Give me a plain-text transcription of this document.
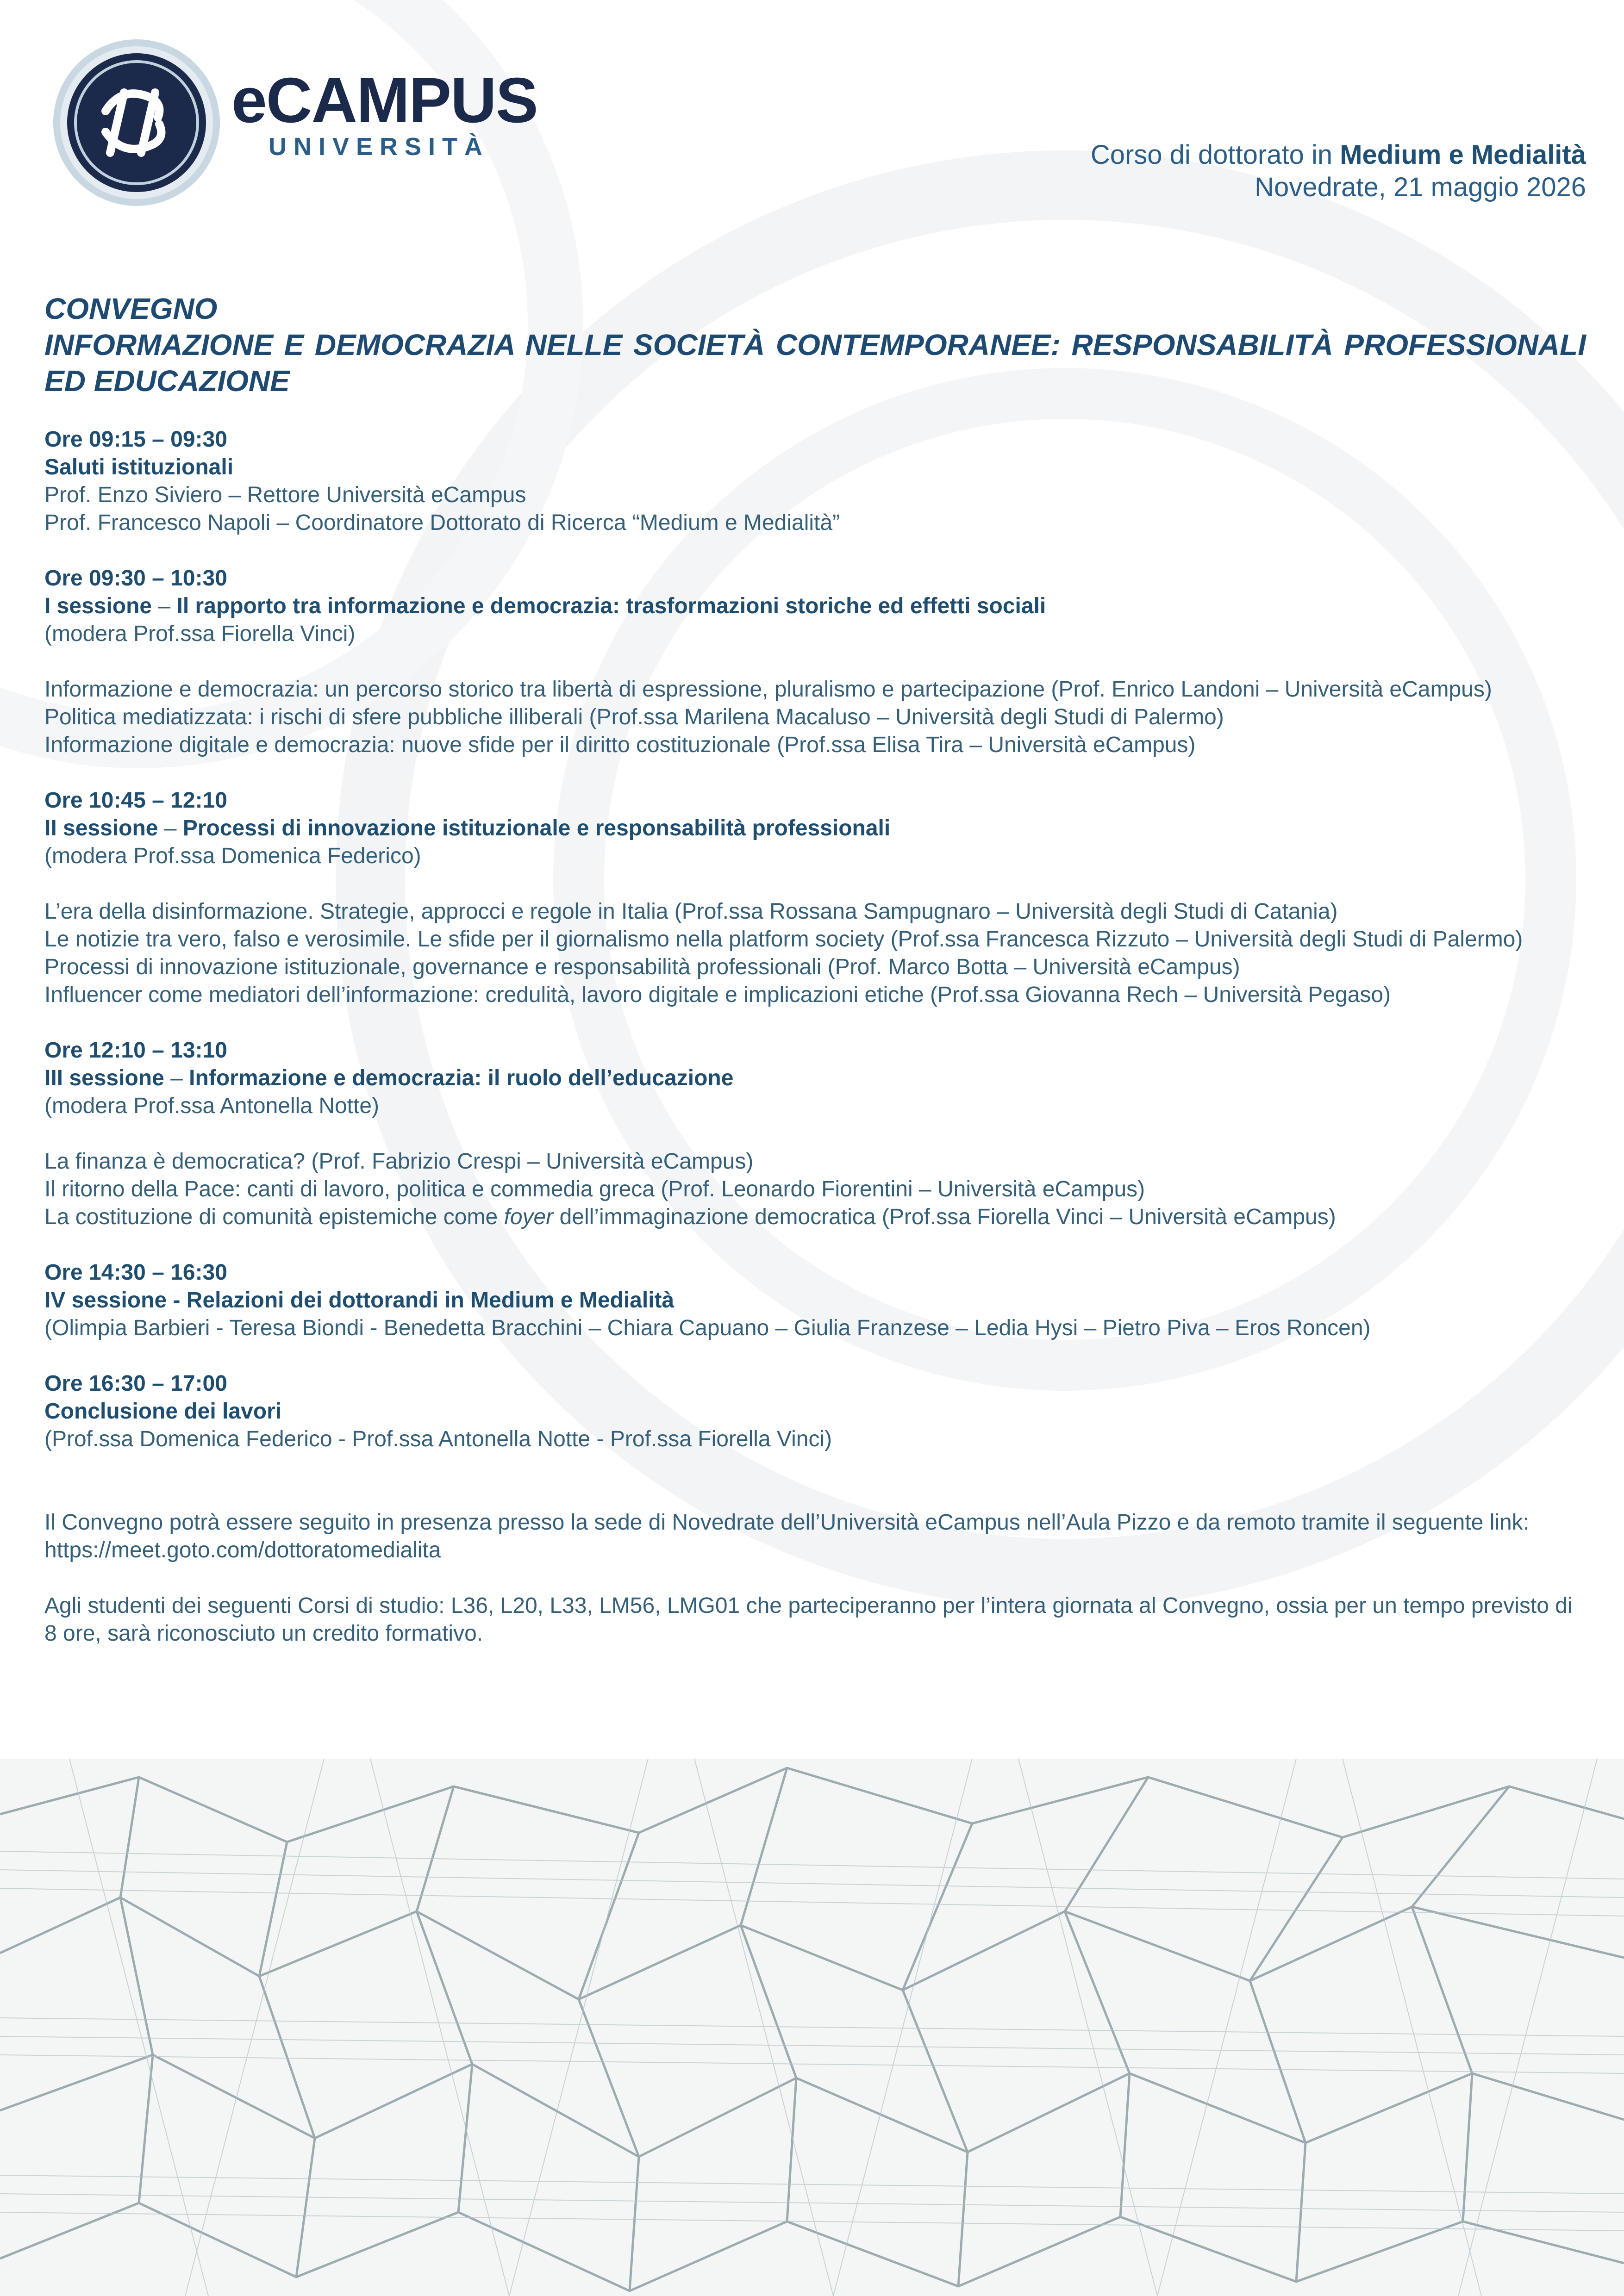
eCAMPUS
UNIVERSITÀ	Corso di dottorato in Medium e Medialità
Novedrate, 21 maggio 2026
CONVEGNO
INFORMAZIONE E DEMOCRAZIA NELLE SOCIETÀ CONTEMPORANEE: RESPONSABILITÀ PROFESSIONALI ED EDUCAZIONE
Ore 09:15 – 09:30
Saluti istituzionali
Prof. Enzo Siviero – Rettore Università eCampus
Prof. Francesco Napoli – Coordinatore Dottorato di Ricerca “Medium e Medialità”
Ore 09:30 – 10:30
I sessione – Il rapporto tra informazione e democrazia: trasformazioni storiche ed effetti sociali
(modera Prof.ssa Fiorella Vinci)
Informazione e democrazia: un percorso storico tra libertà di espressione, pluralismo e partecipazione (Prof. Enrico Landoni – Università eCampus)
Politica mediatizzata: i rischi di sfere pubbliche illiberali (Prof.ssa Marilena Macaluso – Università degli Studi di Palermo)
Informazione digitale e democrazia: nuove sfide per il diritto costituzionale (Prof.ssa Elisa Tira – Università eCampus)
Ore 10:45 – 12:10
II sessione – Processi di innovazione istituzionale e responsabilità professionali
(modera Prof.ssa Domenica Federico)
L’era della disinformazione. Strategie, approcci e regole in Italia (Prof.ssa Rossana Sampugnaro – Università degli Studi di Catania)
Le notizie tra vero, falso e verosimile. Le sfide per il giornalismo nella platform society (Prof.ssa Francesca Rizzuto – Università degli Studi di Palermo)
Processi di innovazione istituzionale, governance e responsabilità professionali (Prof. Marco Botta – Università eCampus)
Influencer come mediatori dell’informazione: credulità, lavoro digitale e implicazioni etiche (Prof.ssa Giovanna Rech – Università Pegaso)
Ore 12:10 – 13:10
III sessione – Informazione e democrazia: il ruolo dell’educazione
(modera Prof.ssa Antonella Notte)
La finanza è democratica? (Prof. Fabrizio Crespi – Università eCampus)
Il ritorno della Pace: canti di lavoro, politica e commedia greca (Prof. Leonardo Fiorentini – Università eCampus)
La costituzione di comunità epistemiche come foyer dell’immaginazione democratica (Prof.ssa Fiorella Vinci – Università eCampus)
Ore 14:30 – 16:30
IV sessione - Relazioni dei dottorandi in Medium e Medialità
(Olimpia Barbieri - Teresa Biondi - Benedetta Bracchini – Chiara Capuano – Giulia Franzese – Ledia Hysi – Pietro Piva – Eros Roncen)
Ore 16:30 – 17:00
Conclusione dei lavori
(Prof.ssa Domenica Federico - Prof.ssa Antonella Notte - Prof.ssa Fiorella Vinci)
Il Convegno potrà essere seguito in presenza presso la sede di Novedrate dell’Università eCampus nell’Aula Pizzo e da remoto tramite il seguente link: https://meet.goto.com/dottoratomedialita
Agli studenti dei seguenti Corsi di studio: L36, L20, L33, LM56, LMG01 che parteciperanno per l’intera giornata al Convegno, ossia per un tempo previsto di 8 ore, sarà riconosciuto un credito formativo.
